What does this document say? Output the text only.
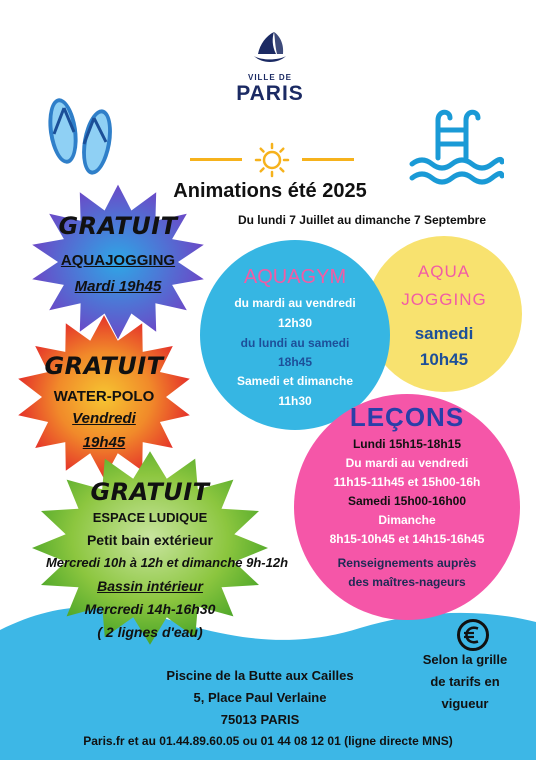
VILLE DE
PARIS
Animations été 2025
Du lundi 7 Juillet au dimanche 7 Septembre
GRATUIT
AQUAJOGGING
Mardi 19h45
GRATUIT
WATER-POLO
Vendredi
19h45
GRATUIT
ESPACE LUDIQUE
Petit bain extérieur
Mercredi 10h à 12h et dimanche 9h-12h
Bassin intérieur
Mercredi 14h-16h30
( 2 lignes d'eau)
AQUA
JOGGING
samedi
10h45
AQUAGYM
du mardi au vendredi
12h30
du lundi au samedi
18h45
Samedi et dimanche
11h30
LEÇONS
Lundi 15h15-18h15
Du mardi au vendredi
11h15-11h45 et 15h00-16h
Samedi 15h00-16h00
Dimanche
8h15-10h45 et 14h15-16h45
Renseignements auprès
des maîtres-nageurs
Selon la grille
de tarifs en
vigueur
Piscine de la Butte aux Cailles
5, Place Paul Verlaine
75013 PARIS
Paris.fr et au 01.44.89.60.05 ou 01 44 08 12 01 (ligne directe MNS)
